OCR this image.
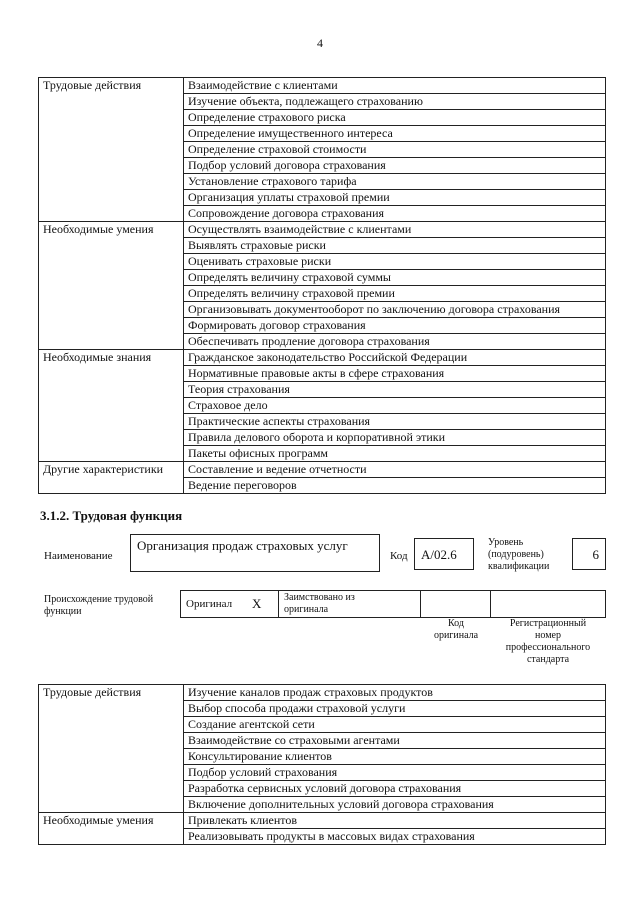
4
Трудовые действия	Взаимодействие с клиентами
	Изучение объекта, подлежащего страхованию
	Определение страхового риска
	Определение имущественного интереса
	Определение страховой стоимости
	Подбор условий договора страхования
	Установление страхового тарифа
	Организация уплаты страховой премии
	Сопровождение договора страхования
Необходимые умения	Осуществлять взаимодействие с клиентами
	Выявлять страховые риски
	Оценивать страховые риски
	Определять величину страховой суммы
	Определять величину страховой премии
	Организовывать документооборот по заключению договора страхования
	Формировать договор страхования
	Обеспечивать продление договора страхования
Необходимые знания	Гражданское законодательство Российской Федерации
	Нормативные правовые акты в сфере страхования
	Теория страхования
	Страховое дело
	Практические аспекты страхования
	Правила делового оборота и корпоративной этики
	Пакеты офисных программ
Другие характеристики	Составление и ведение отчетности
	Ведение переговоров
3.1.2. Трудовая функция
Наименование
Организация продаж страховых услуг
Код	А/02.6
Уровень (подуровень) квалификации
6
Происхождение трудовой функции
Оригинал X Заимствовано из оригинала
Код оригинала
Регистрационный номер профессионального стандарта
Трудовые действия	Изучение каналов продаж страховых продуктов
	Выбор способа продажи страховой услуги
	Создание агентской сети
	Взаимодействие со страховыми агентами
	Консультирование клиентов
	Подбор условий страхования
	Разработка сервисных условий договора страхования
	Включение дополнительных условий договора страхования
Необходимые умения	Привлекать клиентов
	Реализовывать продукты в массовых видах страхования
